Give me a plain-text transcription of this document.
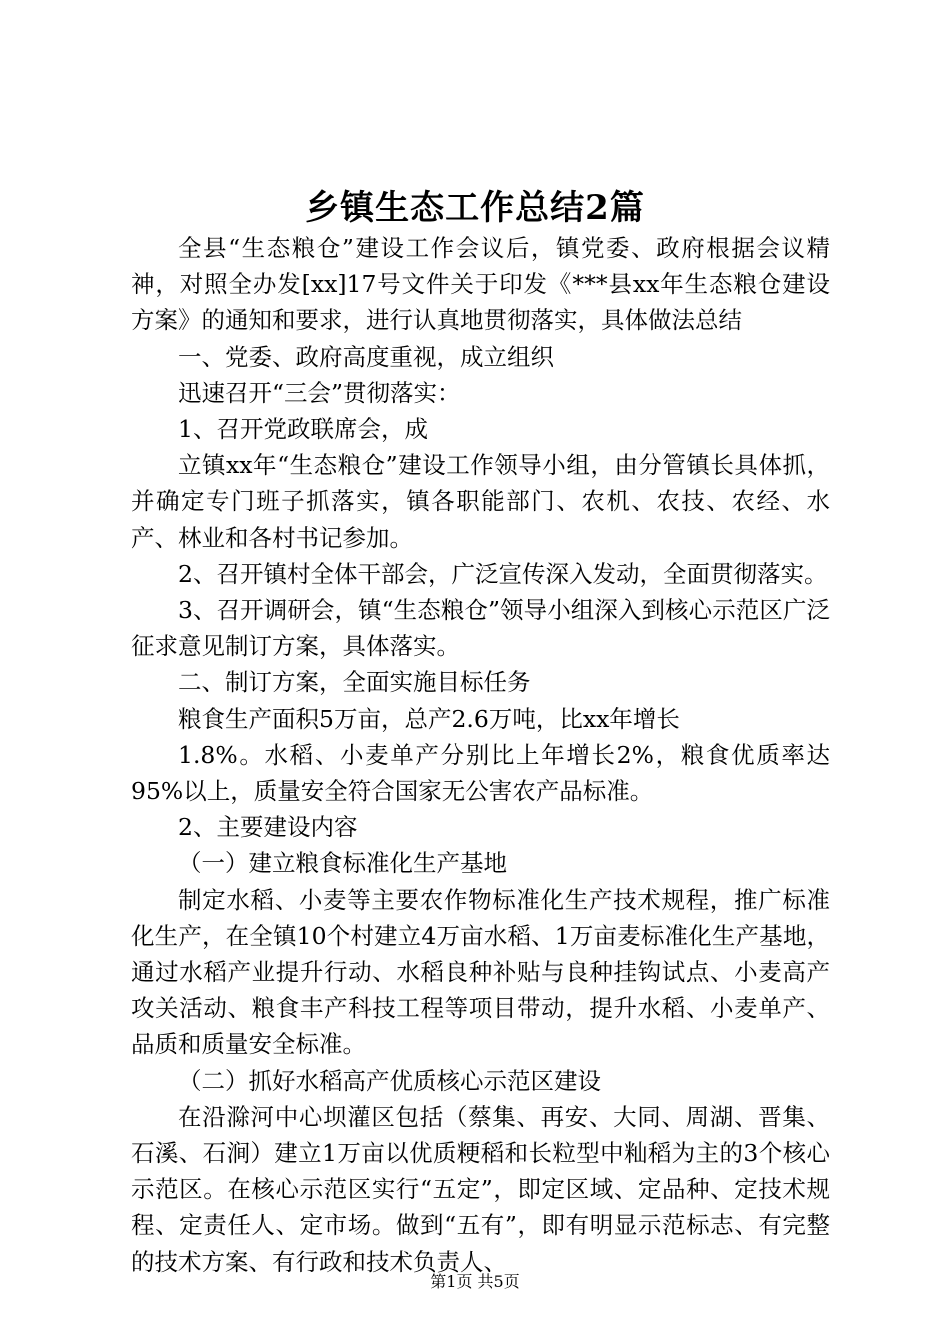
乡镇生态工作总结2篇

全县“生态粮仓”建设工作会议后，镇党委、政府根据会议精神，对照全办发[xx]17号文件关于印发《***县xx年生态粮仓建设方案》的通知和要求，进行认真地贯彻落实，具体做法总结

一、党委、政府高度重视，成立组织

迅速召开“三会”贯彻落实：

1、召开党政联席会，成

立镇xx年“生态粮仓”建设工作领导小组，由分管镇长具体抓，并确定专门班子抓落实，镇各职能部门、农机、农技、农经、水产、林业和各村书记参加。

2、召开镇村全体干部会，广泛宣传深入发动，全面贯彻落实。

3、召开调研会，镇“生态粮仓”领导小组深入到核心示范区广泛征求意见制订方案，具体落实。

二、制订方案，全面实施目标任务

粮食生产面积5万亩，总产2.6万吨，比xx年增长

1.8%。水稻、小麦单产分别比上年增长2%，粮食优质率达95%以上，质量安全符合国家无公害农产品标准。

2、主要建设内容

（一）建立粮食标准化生产基地

制定水稻、小麦等主要农作物标准化生产技术规程，推广标准化生产，在全镇10个村建立4万亩水稻、1万亩麦标准化生产基地，通过水稻产业提升行动、水稻良种补贴与良种挂钩试点、小麦高产攻关活动、粮食丰产科技工程等项目带动，提升水稻、小麦单产、品质和质量安全标准。

（二）抓好水稻高产优质核心示范区建设

在沿滁河中心坝灌区包括（蔡集、再安、大同、周湖、晋集、石溪、石涧）建立1万亩以优质粳稻和长粒型中籼稻为主的3个核心示范区。在核心示范区实行“五定”，即定区域、定品种、定技术规程、定责任人、定市场。做到“五有”，即有明显示范标志、有完整的技术方案、有行政和技术负责人、

第1页 共5页
